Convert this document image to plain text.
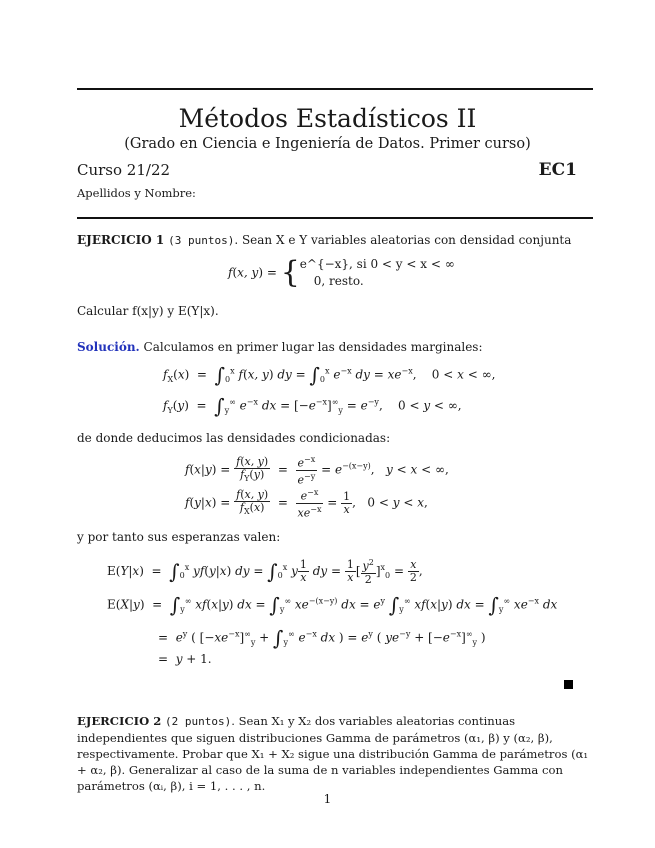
Métodos Estadísticos II
(Grado en Ciencia e Ingeniería de Datos. Primer curso)
Curso 21/22	EC1
Apellidos y Nombre:
EJERCICIO 1 (3 puntos). Sean X e Y variables aleatorias con densidad conjunta
f(x, y) = { e^{−x}, si 0 < y < x < ∞
0, resto.
Calcular f(x|y) y E(Y|x).
Solución. Calculamos en primer lugar las densidades marginales:
$f_X(x) = \int_0^x$ f(x, y) dy = $\int_0^x$ $e^{-x}$ dy = $xe^{-x}$,    0 < x < ∞,
$f_Y(y) = \int_y^\infty$ $e^{-x}$ dx = $[-e^{-x}]^\infty_y = e^{-y}$,    0 < y < ∞,
de donde deducimos las densidades condicionadas:
$f(x|y) = \frac{f(x, y)}{f_Y(y)} = \frac{e^{-x}}{e^{-y}} = e^{-(x-y)}$,   y < x < ∞,
$f(y|x) = \frac{f(x, y)}{f_X(x)} = \frac{e^{-x}}{xe^{-x}} = \frac{1}{x}$ ,   0 < y < x,
y por tanto sus esperanzas valen:
$E(Y|x) = \int_0^x$ yf(y|x) dy = $\int_0^x$ y $\frac{1}{x}$ dy = $\frac{1}{x}$ [ $\frac{y^2}{2} ]^x_0 = \frac{x}{2}$ ,
$E(X|y) = \int_y^\infty$ xf(x|y) dx = $\int_y^\infty$ $xe^{-(x-y)}$ dx = $e^y$ $\int_y^\infty$ xf(x|y) dx = $\int_y^\infty$ $xe^{-x}$ dx
=  $e^y$ ( $[-xe^{-x}]^\infty_y + \int_y^\infty$ $e^{-x}$ dx ) = $e^y$ ( $ye^{-y} + [-e^{-x}]^\infty_y$ )
=  y + 1.
EJERCICIO 2 (2 puntos). Sean X₁ y X₂ dos variables aleatorias continuas independientes que siguen distribuciones Gamma de parámetros (α₁, β) y (α₂, β), respectivamente. Probar que X₁ + X₂ sigue una distribución Gamma de parámetros (α₁ + α₂, β). Generalizar al caso de la suma de n variables independientes Gamma con parámetros (αᵢ, β), i = 1, . . . , n.
1
